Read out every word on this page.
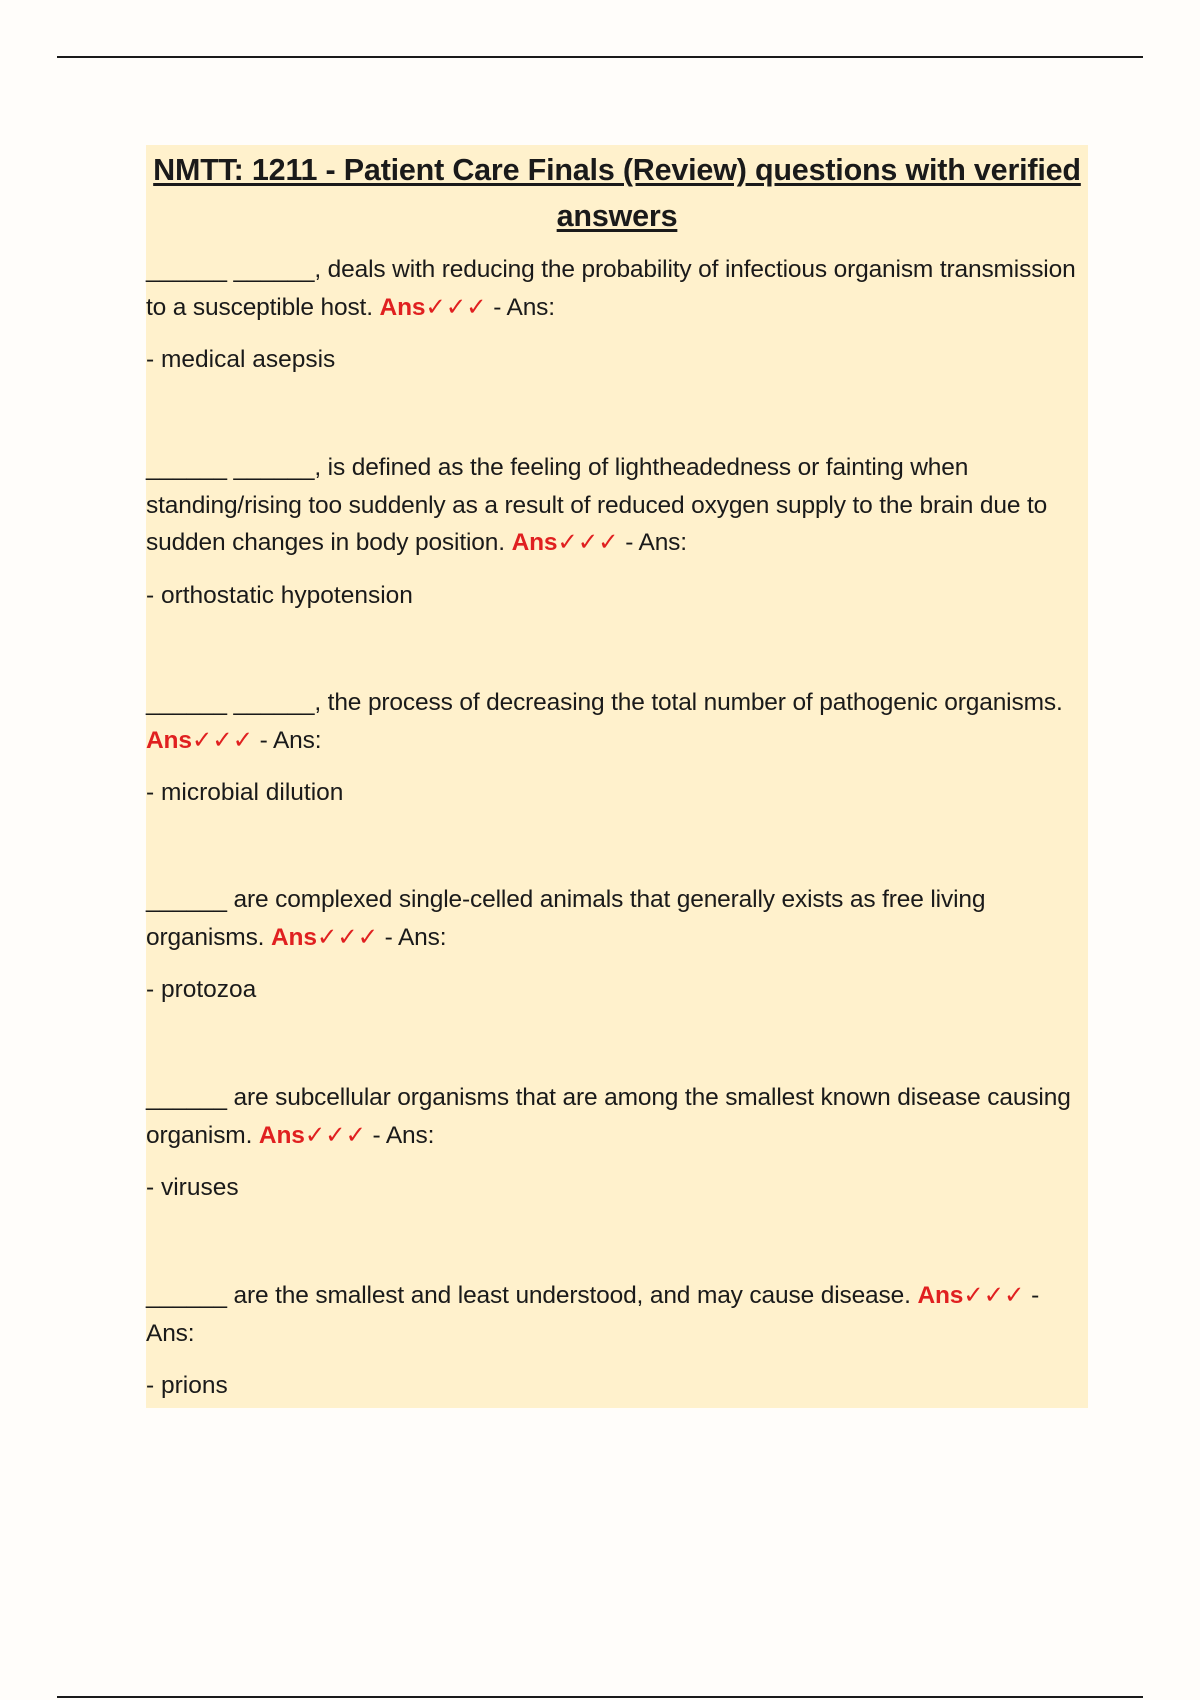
NMTT: 1211 - Patient Care Finals (Review) questions with verified answers

______ ______, deals with reducing the probability of infectious organism transmission to a susceptible host. Ans✓✓✓ - Ans:

- medical asepsis

______ ______, is defined as the feeling of lightheadedness or fainting when standing/rising too suddenly as a result of reduced oxygen supply to the brain due to sudden changes in body position. Ans✓✓✓ - Ans:

- orthostatic hypotension

______ ______, the process of decreasing the total number of pathogenic organisms. Ans✓✓✓ - Ans:

- microbial dilution

______ are complexed single-celled animals that generally exists as free living organisms. Ans✓✓✓ - Ans:

- protozoa

______ are subcellular organisms that are among the smallest known disease causing organism. Ans✓✓✓ - Ans:

- viruses

______ are the smallest and least understood, and may cause disease. Ans✓✓✓ - Ans:

- prions
